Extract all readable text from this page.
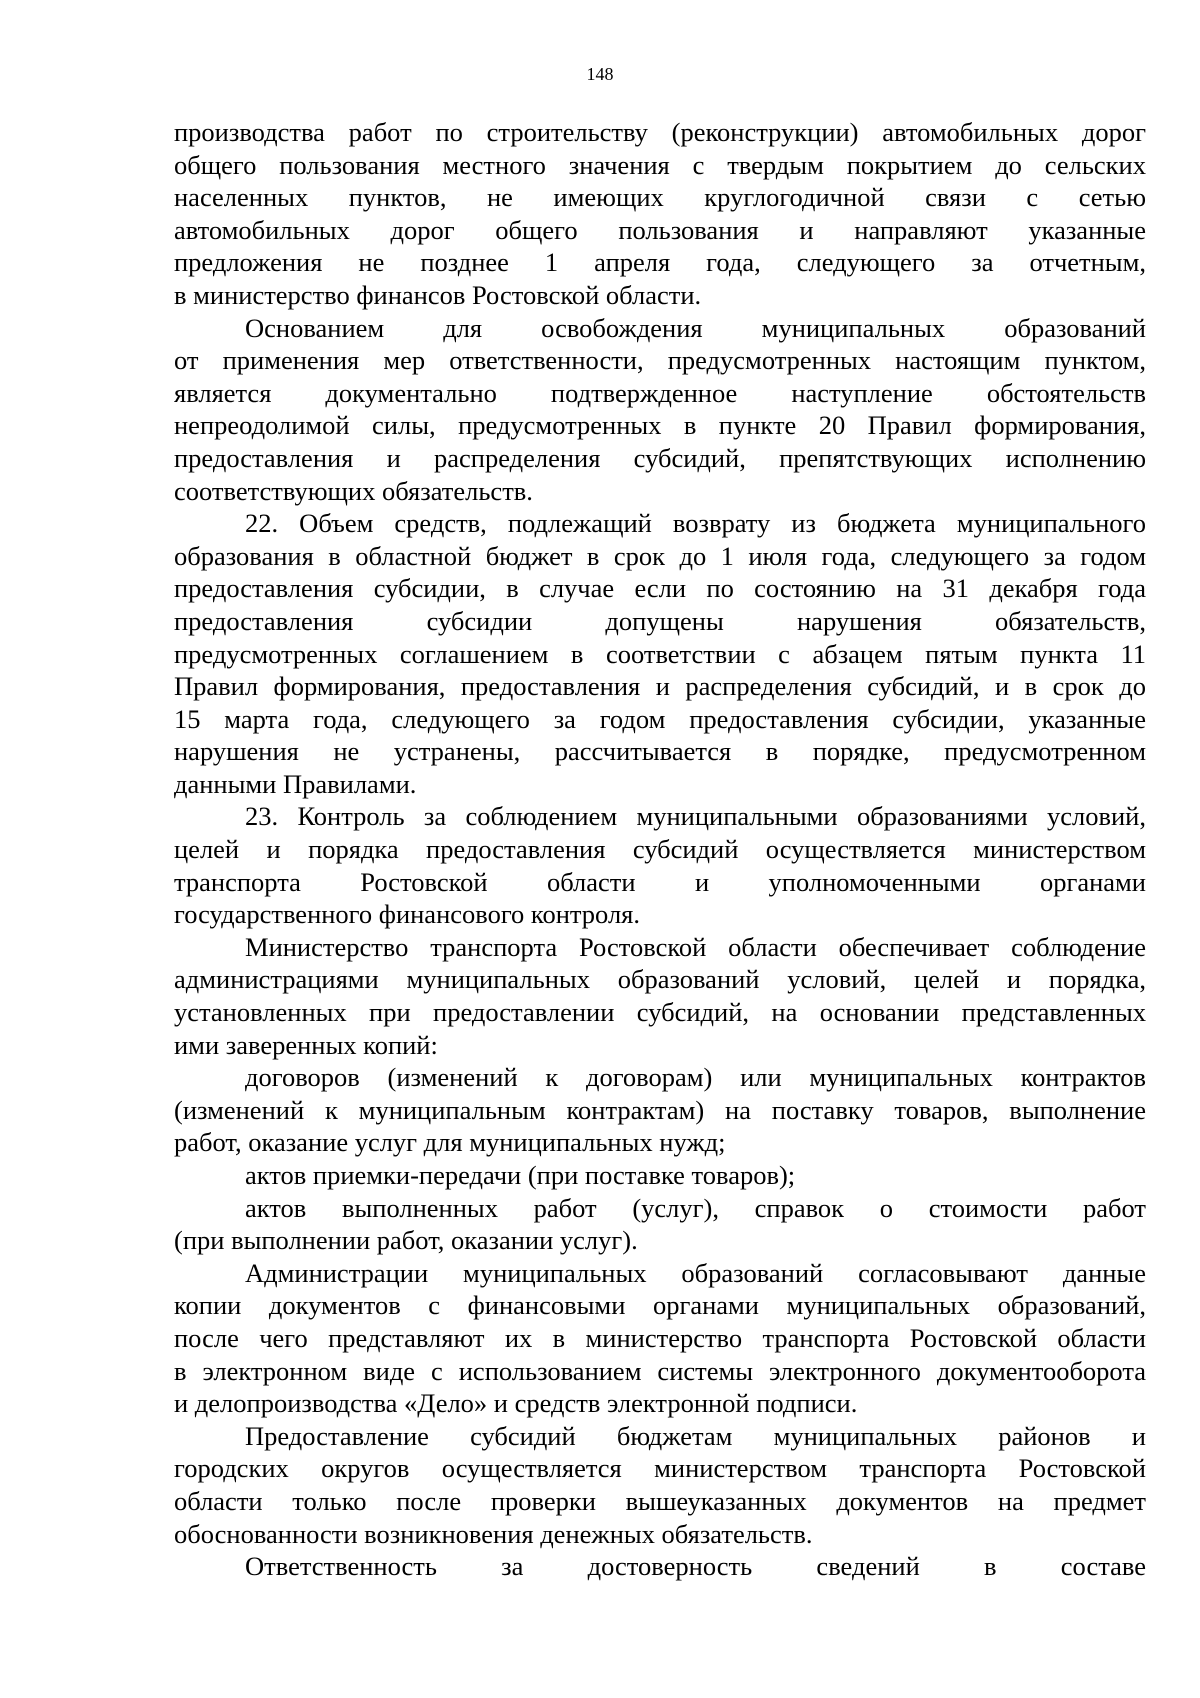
148
производства работ по строительству (реконструкции) автомобильных дорог
общего пользования местного значения с твердым покрытием до сельских
населенных пунктов, не имеющих круглогодичной связи с сетью
автомобильных дорог общего пользования и направляют указанные
предложения не позднее 1 апреля года, следующего за отчетным,
в министерство финансов Ростовской области.
Основанием для освобождения муниципальных образований
от применения мер ответственности, предусмотренных настоящим пунктом,
является документально подтвержденное наступление обстоятельств
непреодолимой силы, предусмотренных в пункте 20 Правил формирования,
предоставления и распределения субсидий, препятствующих исполнению
соответствующих обязательств.
22. Объем средств, подлежащий возврату из бюджета муниципального
образования в областной бюджет в срок до 1 июля года, следующего за годом
предоставления субсидии, в случае если по состоянию на 31 декабря года
предоставления субсидии допущены нарушения обязательств,
предусмотренных соглашением в соответствии с абзацем пятым пункта 11
Правил формирования, предоставления и распределения субсидий, и в срок до
15 марта года, следующего за годом предоставления субсидии, указанные
нарушения не устранены, рассчитывается в порядке, предусмотренном
данными Правилами.
23. Контроль за соблюдением муниципальными образованиями условий,
целей и порядка предоставления субсидий осуществляется министерством
транспорта Ростовской области и уполномоченными органами
государственного финансового контроля.
Министерство транспорта Ростовской области обеспечивает соблюдение
администрациями муниципальных образований условий, целей и порядка,
установленных при предоставлении субсидий, на основании представленных
ими заверенных копий:
договоров (изменений к договорам) или муниципальных контрактов
(изменений к муниципальным контрактам) на поставку товаров, выполнение
работ, оказание услуг для муниципальных нужд;
актов приемки-передачи (при поставке товаров);
актов выполненных работ (услуг), справок о стоимости работ
(при выполнении работ, оказании услуг).
Администрации муниципальных образований согласовывают данные
копии документов с финансовыми органами муниципальных образований,
после чего представляют их в министерство транспорта Ростовской области
в электронном виде с использованием системы электронного документооборота
и делопроизводства «Дело» и средств электронной подписи.
Предоставление субсидий бюджетам муниципальных районов и
городских округов осуществляется министерством транспорта Ростовской
области только после проверки вышеуказанных документов на предмет
обоснованности возникновения денежных обязательств.
Ответственность за достоверность сведений в составе
